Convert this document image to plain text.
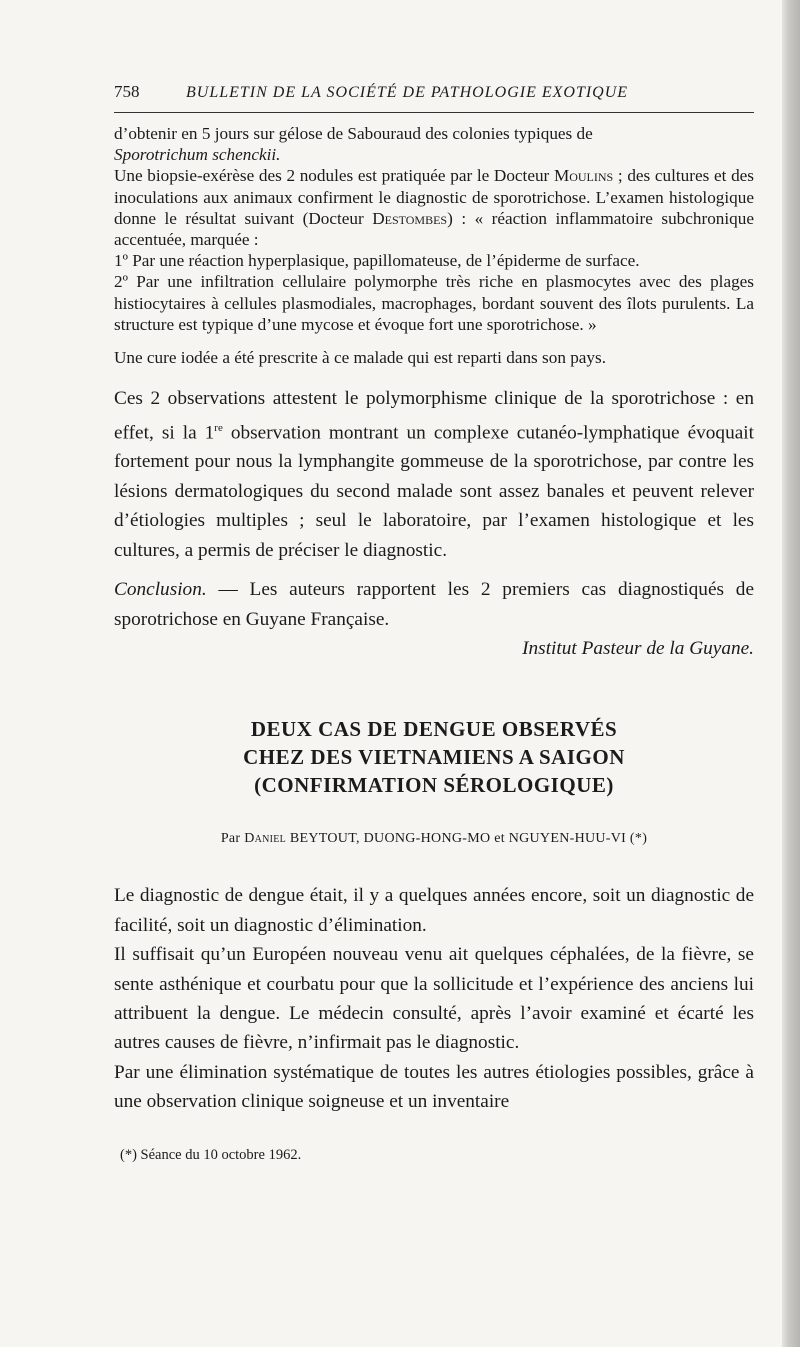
758	BULLETIN DE LA SOCIÉTÉ DE PATHOLOGIE EXOTIQUE

d’obtenir en 5 jours sur gélose de Sabouraud des colonies typiques de
Sporotrichum schenckii.

Une biopsie-exérèse des 2 nodules est pratiquée par le Docteur Moulins ; des cultures et des inoculations aux animaux confirment le diagnostic de sporotrichose. L’examen histologique donne le résultat suivant (Docteur Destombes) : « réaction inflammatoire subchronique accentuée, marquée :

1º Par une réaction hyperplasique, papillomateuse, de l’épiderme de surface.

2º Par une infiltration cellulaire polymorphe très riche en plasmocytes avec des plages histiocytaires à cellules plasmodiales, macrophages, bordant souvent des îlots purulents. La structure est typique d’une mycose et évoque fort une sporotrichose. »

Une cure iodée a été prescrite à ce malade qui est reparti dans son pays.

Ces 2 observations attestent le polymorphisme clinique de la sporotrichose : en effet, si la 1re observation montrant un complexe cutanéo-lymphatique évoquait fortement pour nous la lymphangite gommeuse de la sporotrichose, par contre les lésions dermatologiques du second malade sont assez banales et peuvent relever d’étiologies multiples ; seul le laboratoire, par l’examen histologique et les cultures, a permis de préciser le diagnostic.

Conclusion. — Les auteurs rapportent les 2 premiers cas diagnostiqués de sporotrichose en Guyane Française.

Institut Pasteur de la Guyane.

DEUX CAS DE DENGUE OBSERVÉS
CHEZ DES VIETNAMIENS A SAIGON
(CONFIRMATION SÉROLOGIQUE)
Par Daniel BEYTOUT, DUONG-HONG-MO et NGUYEN-HUU-VI (*)

Le diagnostic de dengue était, il y a quelques années encore, soit un diagnostic de facilité, soit un diagnostic d’élimination.

Il suffisait qu’un Européen nouveau venu ait quelques céphalées, de la fièvre, se sente asthénique et courbatu pour que la sollicitude et l’expérience des anciens lui attribuent la dengue. Le médecin consulté, après l’avoir examiné et écarté les autres causes de fièvre, n’infirmait pas le diagnostic.

Par une élimination systématique de toutes les autres étiologies possibles, grâce à une observation clinique soigneuse et un inventaire

(*) Séance du 10 octobre 1962.
